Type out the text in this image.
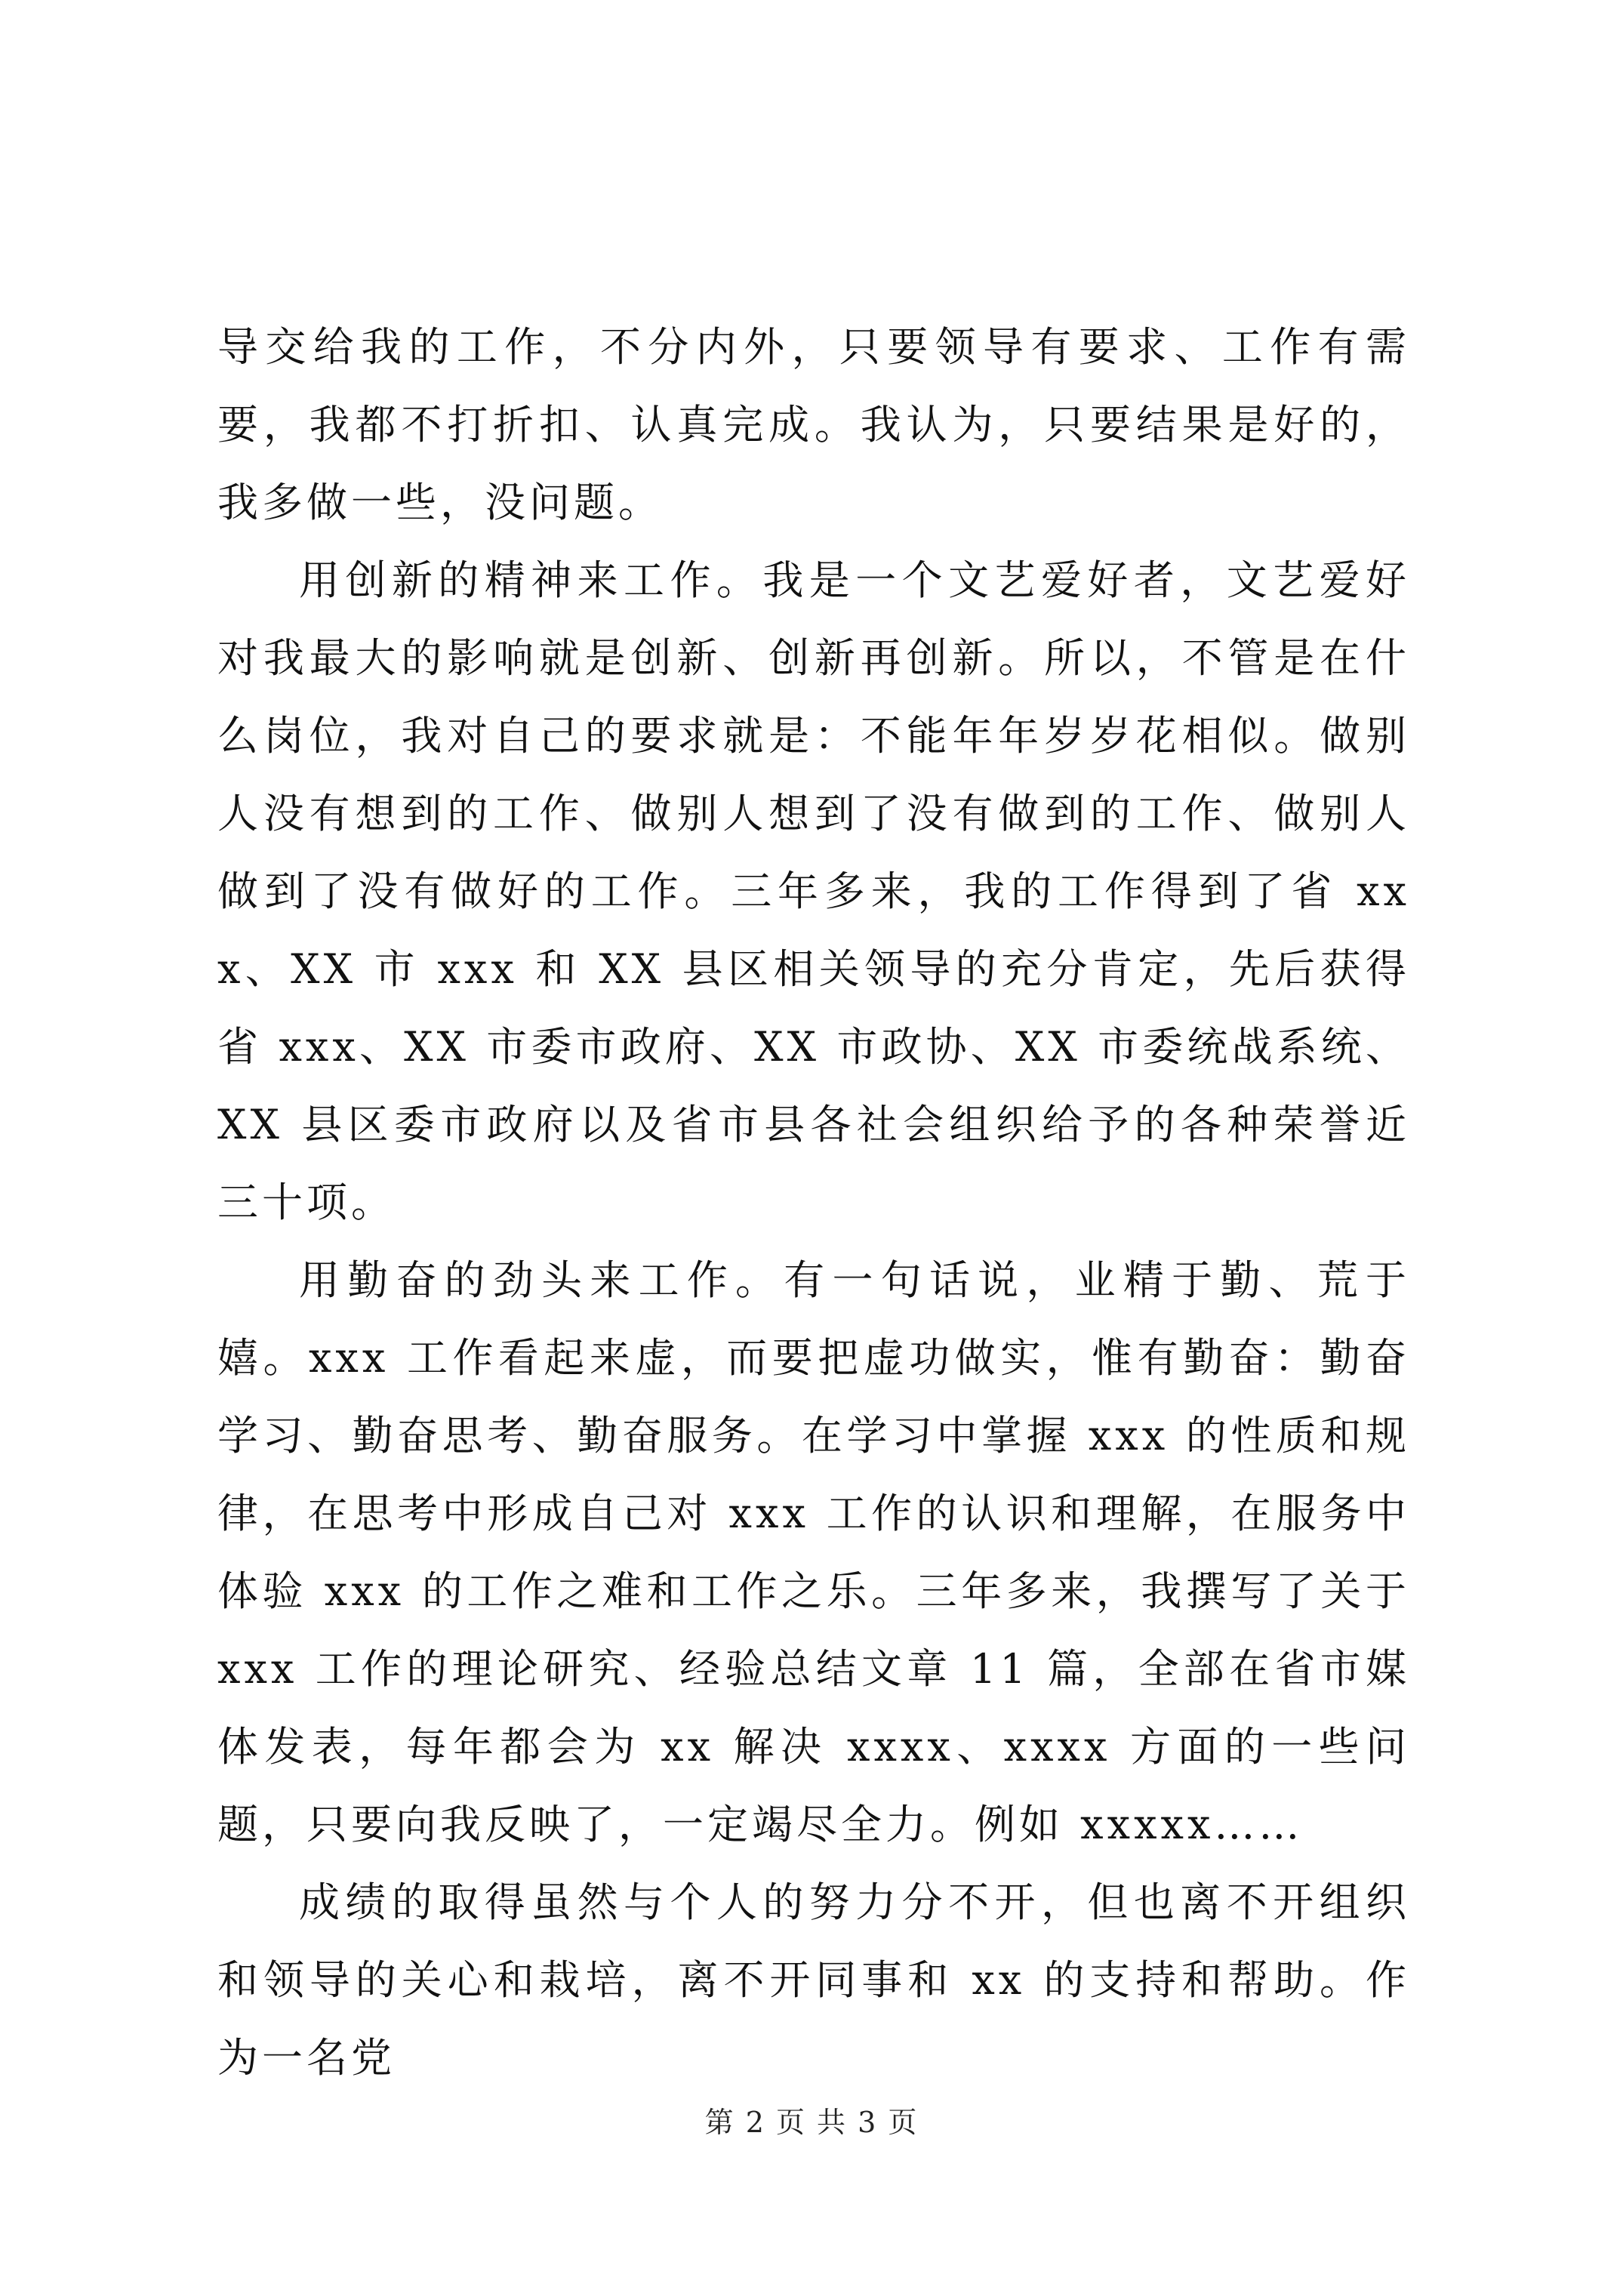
导交给我的工作，不分内外，只要领导有要求、工作有需要，我都不打折扣、认真完成。我认为，只要结果是好的，我多做一些，没问题。

用创新的精神来工作。我是一个文艺爱好者，文艺爱好对我最大的影响就是创新、创新再创新。所以，不管是在什么岗位，我对自己的要求就是：不能年年岁岁花相似。做别人没有想到的工作、做别人想到了没有做到的工作、做别人做到了没有做好的工作。三年多来，我的工作得到了省 xxx、XX 市 xxx 和 XX 县区相关领导的充分肯定，先后获得省 xxx、XX 市委市政府、XX 市政协、XX 市委统战系统、XX 县区委市政府以及省市县各社会组织给予的各种荣誉近三十项。

用勤奋的劲头来工作。有一句话说，业精于勤、荒于嬉。xxx 工作看起来虚，而要把虚功做实，惟有勤奋：勤奋学习、勤奋思考、勤奋服务。在学习中掌握 xxx 的性质和规律，在思考中形成自己对 xxx 工作的认识和理解，在服务中体验 xxx 的工作之难和工作之乐。三年多来，我撰写了关于 xxx 工作的理论研究、经验总结文章 11 篇，全部在省市媒体发表，每年都会为 xx 解决 xxxx、xxxx 方面的一些问题，只要向我反映了，一定竭尽全力。例如 xxxxx……

成绩的取得虽然与个人的努力分不开，但也离不开组织和领导的关心和栽培，离不开同事和 xx 的支持和帮助。作为一名党

第 2 页 共 3 页
